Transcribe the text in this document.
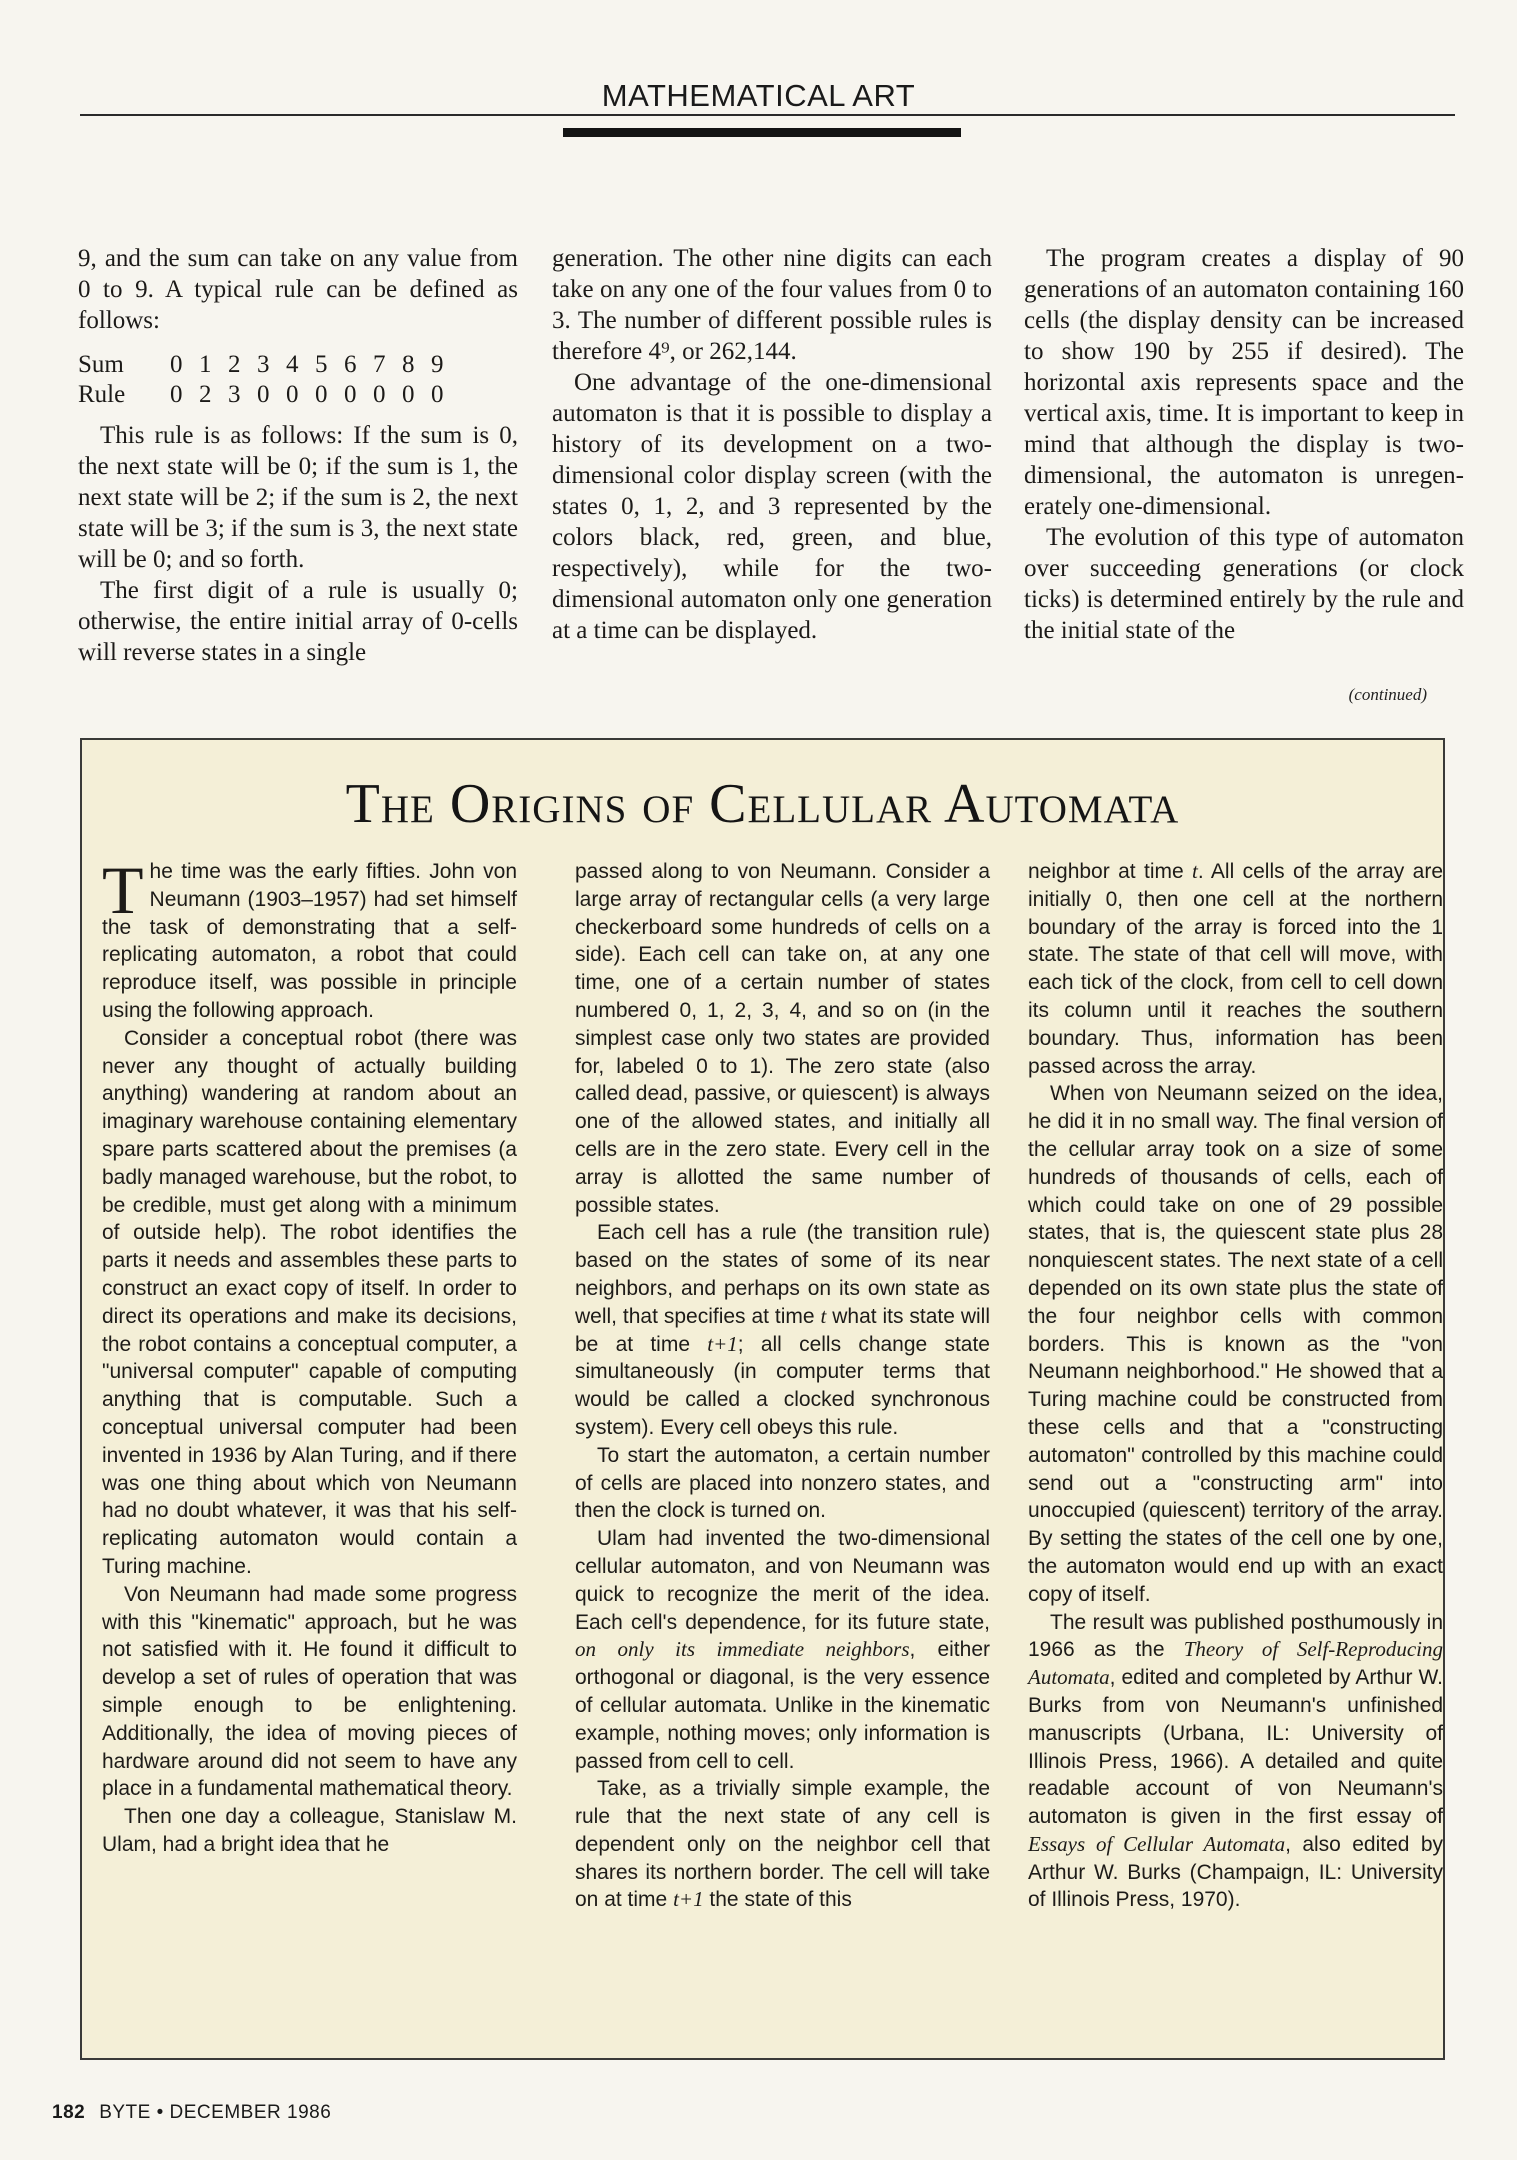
MATHEMATICAL ART

9, and the sum can take on any value from 0 to 9. A typical rule can be defined as follows:

Sum	0	1	2	3	4	5	6	7	8	9
Rule	0	2	3	0	0	0	0	0	0	0

This rule is as follows: If the sum is 0, the next state will be 0; if the sum is 1, the next state will be 2; if the sum is 2, the next state will be 3; if the sum is 3, the next state will be 0; and so forth.

The first digit of a rule is usually 0; otherwise, the entire initial array of 0-cells will reverse states in a single

generation. The other nine digits can each take on any one of the four values from 0 to 3. The number of different possible rules is therefore 4⁹, or 262,144.

One advantage of the one-dimensional automaton is that it is possible to display a history of its development on a two-dimensional color display screen (with the states 0, 1, 2, and 3 represented by the colors black, red, green, and blue, respectively), while for the two-dimensional automaton only one generation at a time can be displayed.

The program creates a display of 90 generations of an automaton containing 160 cells (the display density can be increased to show 190 by 255 if desired). The horizontal axis represents space and the vertical axis, time. It is important to keep in mind that although the display is two-dimensional, the automaton is unregenerately one-dimensional.

The evolution of this type of automaton over succeeding generations (or clock ticks) is determined entirely by the rule and the initial state of the

(continued)
The Origins of Cellular Automata

The time was the early fifties. John von Neumann (1903–1957) had set himself the task of demonstrating that a self-replicating automaton, a robot that could reproduce itself, was possible in principle using the following approach.

Consider a conceptual robot (there was never any thought of actually building anything) wandering at random about an imaginary warehouse containing elementary spare parts scattered about the premises (a badly managed warehouse, but the robot, to be credible, must get along with a minimum of outside help). The robot identifies the parts it needs and assembles these parts to construct an exact copy of itself. In order to direct its operations and make its decisions, the robot contains a conceptual computer, a "universal computer" capable of computing anything that is computable. Such a conceptual universal computer had been invented in 1936 by Alan Turing, and if there was one thing about which von Neumann had no doubt whatever, it was that his self-replicating automaton would contain a Turing machine.

Von Neumann had made some progress with this "kinematic" approach, but he was not satisfied with it. He found it difficult to develop a set of rules of operation that was simple enough to be enlightening. Additionally, the idea of moving pieces of hardware around did not seem to have any place in a fundamental mathematical theory.

Then one day a colleague, Stanislaw M. Ulam, had a bright idea that he

passed along to von Neumann. Consider a large array of rectangular cells (a very large checkerboard some hundreds of cells on a side). Each cell can take on, at any one time, one of a certain number of states numbered 0, 1, 2, 3, 4, and so on (in the simplest case only two states are provided for, labeled 0 to 1). The zero state (also called dead, passive, or quiescent) is always one of the allowed states, and initially all cells are in the zero state. Every cell in the array is allotted the same number of possible states.

Each cell has a rule (the transition rule) based on the states of some of its near neighbors, and perhaps on its own state as well, that specifies at time t what its state will be at time t+1; all cells change state simultaneously (in computer terms that would be called a clocked synchronous system). Every cell obeys this rule.

To start the automaton, a certain number of cells are placed into nonzero states, and then the clock is turned on.

Ulam had invented the two-dimensional cellular automaton, and von Neumann was quick to recognize the merit of the idea. Each cell's dependence, for its future state, on only its immediate neighbors, either orthogonal or diagonal, is the very essence of cellular automata. Unlike in the kinematic example, nothing moves; only information is passed from cell to cell.

Take, as a trivially simple example, the rule that the next state of any cell is dependent only on the neighbor cell that shares its northern border. The cell will take on at time t+1 the state of this

neighbor at time t. All cells of the array are initially 0, then one cell at the northern boundary of the array is forced into the 1 state. The state of that cell will move, with each tick of the clock, from cell to cell down its column until it reaches the southern boundary. Thus, information has been passed across the array.

When von Neumann seized on the idea, he did it in no small way. The final version of the cellular array took on a size of some hundreds of thousands of cells, each of which could take on one of 29 possible states, that is, the quiescent state plus 28 nonquiescent states. The next state of a cell depended on its own state plus the state of the four neighbor cells with common borders. This is known as the "von Neumann neighborhood." He showed that a Turing machine could be constructed from these cells and that a "constructing automaton" controlled by this machine could send out a "constructing arm" into unoccupied (quiescent) territory of the array. By setting the states of the cell one by one, the automaton would end up with an exact copy of itself.

The result was published posthumously in 1966 as the Theory of Self-Reproducing Automata, edited and completed by Arthur W. Burks from von Neumann's unfinished manuscripts (Urbana, IL: University of Illinois Press, 1966). A detailed and quite readable account of von Neumann's automaton is given in the first essay of Essays of Cellular Automata, also edited by Arthur W. Burks (Champaign, IL: University of Illinois Press, 1970).

182 BYTE • DECEMBER 1986
